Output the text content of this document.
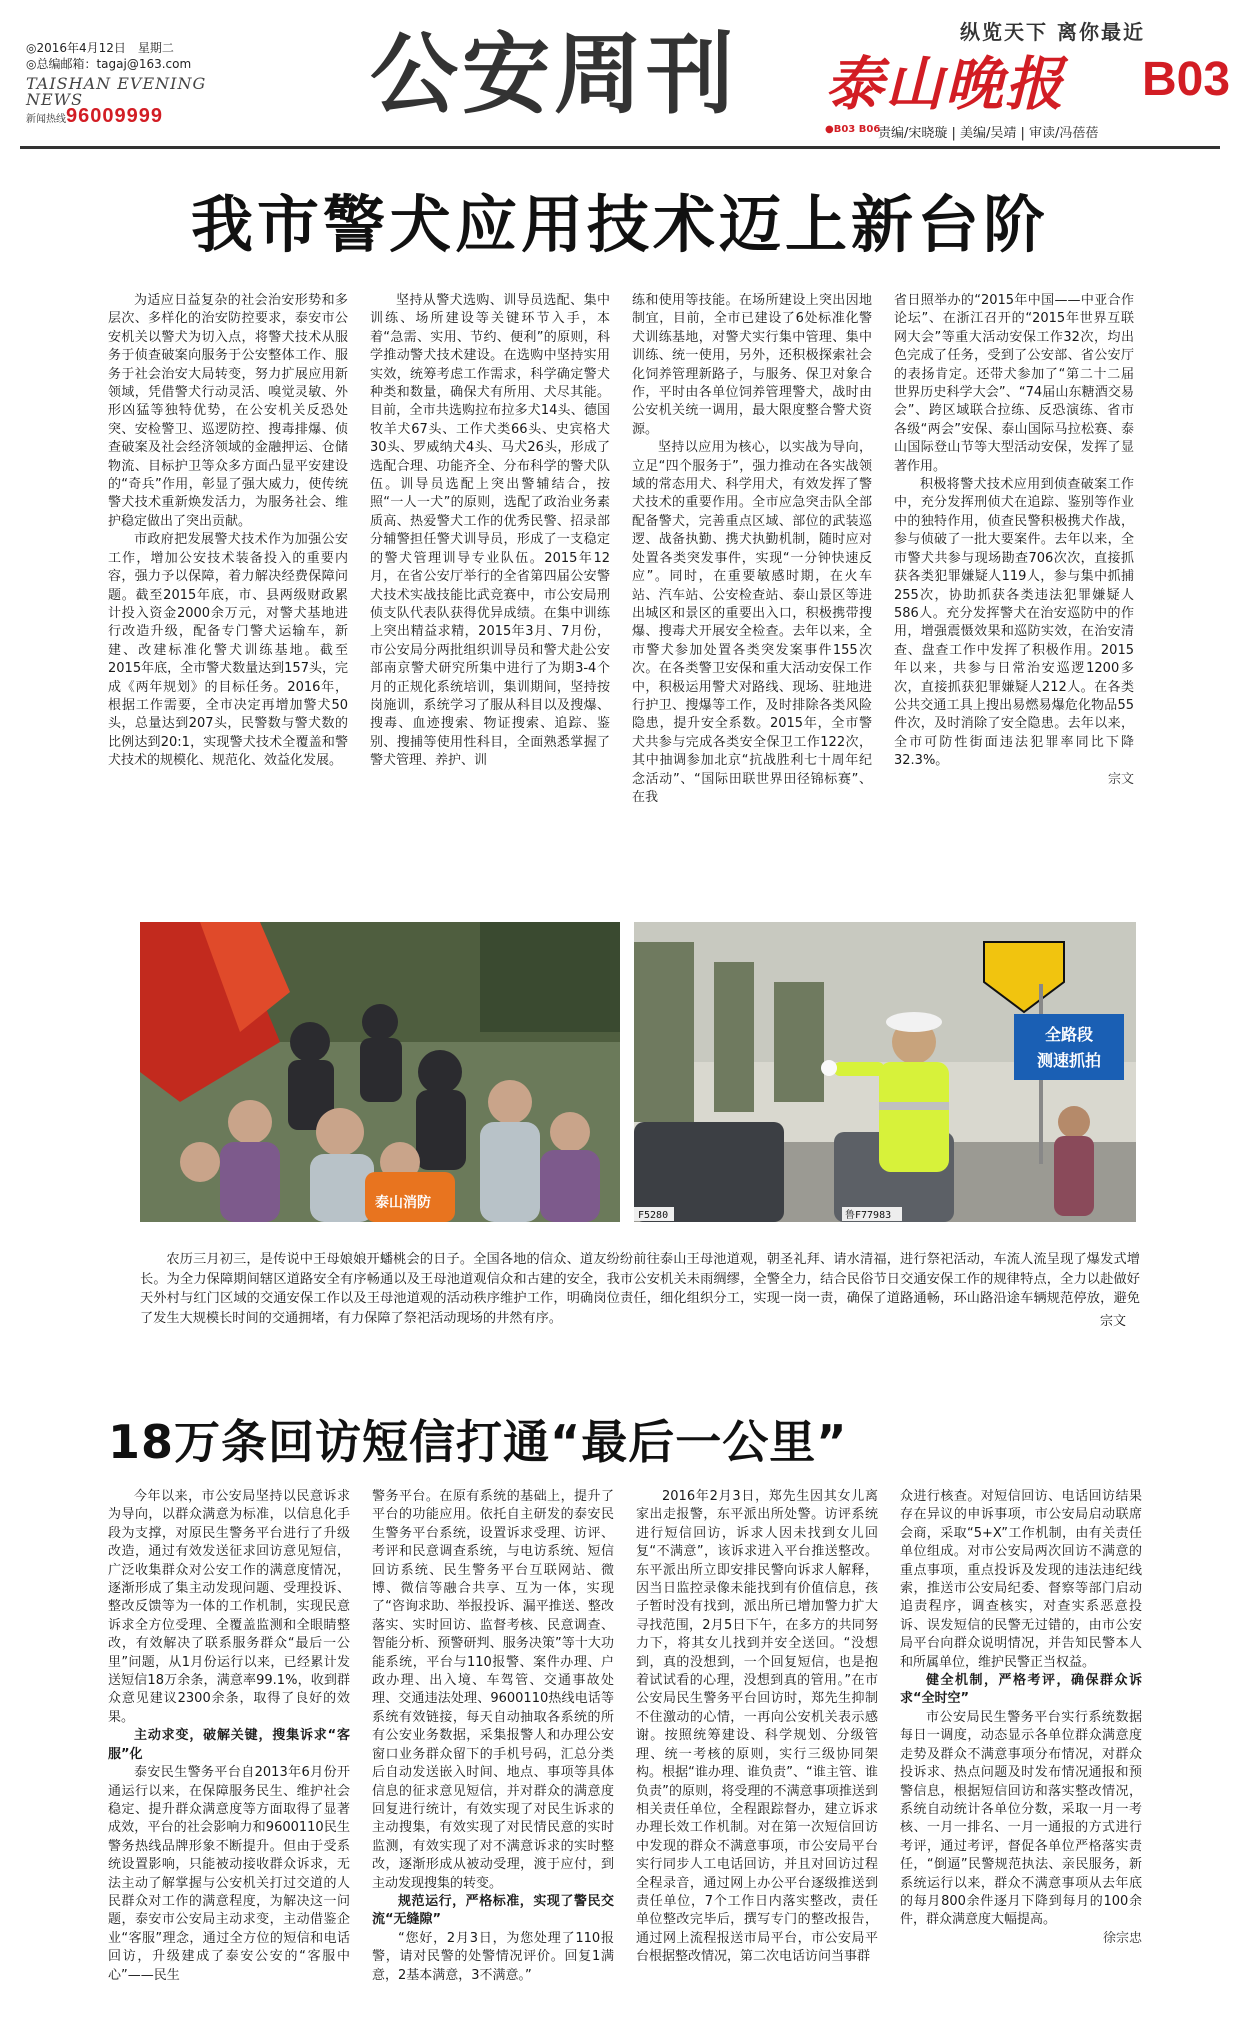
纵览天下 离你最近
◎2016年4月12日　星期二
◎总编邮箱：tagaj@163.com
TAISHAN EVENING NEWS
新闻热线96009999	公安周刊 泰山晚报 B03
●B03 B06
责编/宋晓璇 | 美编/吴靖 | 审读/冯蓓蓓
我市警犬应用技术迈上新台阶

为适应日益复杂的社会治安形势和多层次、多样化的治安防控要求，泰安市公安机关以警犬为切入点，将警犬技术从服务于侦查破案向服务于公安整体工作、服务于社会治安大局转变，努力扩展应用新领域，凭借警犬行动灵活、嗅觉灵敏、外形凶猛等独特优势，在公安机关反恐处突、安检警卫、巡逻防控、搜毒排爆、侦查破案及社会经济领域的金融押运、仓储物流、目标护卫等众多方面凸显平安建设的“奇兵”作用，彰显了强大威力，使传统警犬技术重新焕发活力，为服务社会、维护稳定做出了突出贡献。

市政府把发展警犬技术作为加强公安工作，增加公安技术装备投入的重要内容，强力予以保障，着力解决经费保障问题。截至2015年底，市、县两级财政累计投入资金2000余万元，对警犬基地进行改造升级，配备专门警犬运输车，新建、改建标准化警犬训练基地。截至2015年底，全市警犬数量达到157头，完成《两年规划》的目标任务。2016年，根据工作需要，全市决定再增加警犬50头，总量达到207头，民警数与警犬数的比例达到20:1，实现警犬技术全覆盖和警犬技术的规模化、规范化、效益化发展。

坚持从警犬选购、训导员选配、集中训练、场所建设等关键环节入手，本着“急需、实用、节约、便利”的原则，科学推动警犬技术建设。在选购中坚持实用实效，统筹考虑工作需求，科学确定警犬种类和数量，确保犬有所用、犬尽其能。目前，全市共选购拉布拉多犬14头、德国牧羊犬67头、工作犬类66头、史宾格犬30头、罗威纳犬4头、马犬26头，形成了选配合理、功能齐全、分布科学的警犬队伍。训导员选配上突出警辅结合，按照“一人一犬”的原则，选配了政治业务素质高、热爱警犬工作的优秀民警、招录部分辅警担任警犬训导员，形成了一支稳定的警犬管理训导专业队伍。2015年12月，在省公安厅举行的全省第四届公安警犬技术实战技能比武竞赛中，市公安局刑侦支队代表队获得优异成绩。在集中训练上突出精益求精，2015年3月、7月份，市公安局分两批组织训导员和警犬赴公安部南京警犬研究所集中进行了为期3-4个月的正规化系统培训，集训期间，坚持按岗施训，系统学习了服从科目以及搜爆、搜毒、血迹搜索、物证搜索、追踪、鉴别、搜捕等使用性科目，全面熟悉掌握了警犬管理、养护、训

练和使用等技能。在场所建设上突出因地制宜，目前，全市已建设了6处标准化警犬训练基地，对警犬实行集中管理、集中训练、统一使用，另外，还积极探索社会化饲养管理新路子，与服务、保卫对象合作，平时由各单位饲养管理警犬，战时由公安机关统一调用，最大限度整合警犬资源。

坚持以应用为核心，以实战为导向，立足“四个服务于”，强力推动在各实战领域的常态用犬、科学用犬，有效发挥了警犬技术的重要作用。全市应急突击队全部配备警犬，完善重点区域、部位的武装巡逻、战备执勤、携犬执勤机制，随时应对处置各类突发事件，实现“一分钟快速反应”。同时，在重要敏感时期，在火车站、汽车站、公安检查站、泰山景区等进出城区和景区的重要出入口，积极携带搜爆、搜毒犬开展安全检查。去年以来，全市警犬参加处置各类突发案事件155次次。在各类警卫安保和重大活动安保工作中，积极运用警犬对路线、现场、驻地进行护卫、搜爆等工作，及时排除各类风险隐患，提升安全系数。2015年，全市警犬共参与完成各类安全保卫工作122次，其中抽调参加北京“抗战胜利七十周年纪念活动”、“国际田联世界田径锦标赛”、在我

省日照举办的“2015年中国——中亚合作论坛”、在浙江召开的“2015年世界互联网大会”等重大活动安保工作32次，均出色完成了任务，受到了公安部、省公安厅的表扬肯定。还带犬参加了“第二十二届世界历史科学大会”、“74届山东糖酒交易会”、跨区域联合拉练、反恐演练、省市各级“两会”安保、泰山国际马拉松赛、泰山国际登山节等大型活动安保，发挥了显著作用。

积极将警犬技术应用到侦查破案工作中，充分发挥刑侦犬在追踪、鉴别等作业中的独特作用，侦查民警积极携犬作战，参与侦破了一批大要案件。去年以来，全市警犬共参与现场勘查706次次，直接抓获各类犯罪嫌疑人119人，参与集中抓捕255次，协助抓获各类违法犯罪嫌疑人586人。充分发挥警犬在治安巡防中的作用，增强震慑效果和巡防实效，在治安清查、盘查工作中发挥了积极作用。2015年以来，共参与日常治安巡逻1200多次，直接抓获犯罪嫌疑人212人。在各类公共交通工具上搜出易燃易爆危化物品55件次，及时消除了安全隐患。去年以来，全市可防性街面违法犯罪率同比下降32.3%。

宗文
泰山消防
全路段
测速抓拍
F5280	鲁F77983
农历三月初三，是传说中王母娘娘开蟠桃会的日子。全国各地的信众、道友纷纷前往泰山王母池道观，朝圣礼拜、请水清福，进行祭祀活动，车流人流呈现了爆发式增长。为全力保障期间辖区道路安全有序畅通以及王母池道观信众和古建的安全，我市公安机关未雨绸缪，全警全力，结合民俗节日交通安保工作的规律特点，全力以赴做好天外村与红门区域的交通安保工作以及王母池道观的活动秩序维护工作，明确岗位责任，细化组织分工，实现一岗一责，确保了道路通畅，环山路沿途车辆规范停放，避免了发生大规模长时间的交通拥堵，有力保障了祭祀活动现场的井然有序。	宗文
18万条回访短信打通“最后一公里”

今年以来，市公安局坚持以民意诉求为导向，以群众满意为标准，以信息化手段为支撑，对原民生警务平台进行了升级改造，通过有效发送征求回访意见短信，广泛收集群众对公安工作的满意度情况，逐渐形成了集主动发现问题、受理投诉、整改反馈等为一体的工作机制，实现民意诉求全方位受理、全覆盖监测和全眼睛整改，有效解决了联系服务群众“最后一公里”问题，从1月份运行以来，已经累计发送短信18万余条，满意率99.1%，收到群众意见建议2300余条，取得了良好的效果。

主动求变，破解关键，搜集诉求“客服”化

泰安民生警务平台自2013年6月份开通运行以来，在保障服务民生、维护社会稳定、提升群众满意度等方面取得了显著成效，平台的社会影响力和9600110民生警务热线品牌形象不断提升。但由于受系统设置影响，只能被动接收群众诉求，无法主动了解掌握与公安机关打过交道的人民群众对工作的满意程度，为解决这一问题，泰安市公安局主动求变，主动借鉴企业“客服”理念，通过全方位的短信和电话回访，升级建成了泰安公安的“客服中心”——民生

警务平台。在原有系统的基础上，提升了平台的功能应用。依托自主研发的泰安民生警务平台系统，设置诉求受理、访评、考评和民意调查系统，与电访系统、短信回访系统、民生警务平台互联网站、微博、微信等融合共享、互为一体，实现了“咨询求助、举报投诉、漏平推送、整改落实、实时回访、监督考核、民意调查、智能分析、预警研判、服务决策”等十大功能系统，平台与110报警、案件办理、户政办理、出入境、车驾管、交通事故处理、交通违法处理、9600110热线电话等系统有效链接，每天自动抽取各系统的所有公安业务数据，采集报警人和办理公安窗口业务群众留下的手机号码，汇总分类后自动发送嵌入时间、地点、事项等具体信息的征求意见短信，并对群众的满意度回复进行统计，有效实现了对民生诉求的主动搜集，有效实现了对民情民意的实时监测，有效实现了对不满意诉求的实时整改，逐渐形成从被动受理，渡于应付，到主动发现搜集的转变。

规范运行，严格标准，实现了警民交流“无缝隙”

“您好，2月3日，为您处理了110报警，请对民警的处警情况评价。回复1满意，2基本满意，3不满意。”

2016年2月3日，郑先生因其女儿离家出走报警，东平派出所处警。访评系统进行短信回访，诉求人因未找到女儿回复“不满意”，该诉求进入平台推送整改。东平派出所立即安排民警向诉求人解释，因当日监控录像未能找到有价值信息，孩子暂时没有找到，派出所已增加警力扩大寻找范围，2月5日下午，在多方的共同努力下，将其女儿找到并安全送回。“没想到，真的没想到，一个回复短信，也是抱着试试看的心理，没想到真的管用。”在市公安局民生警务平台回访时，郑先生抑制不住激动的心情，一再向公安机关表示感谢。按照统筹建设、科学规划、分级管理、统一考核的原则，实行三级协同架构。根据“谁办理、谁负责”、“谁主管、谁负责”的原则，将受理的不满意事项推送到相关责任单位，全程跟踪督办，建立诉求办理长效工作机制。对在第一次短信回访中发现的群众不满意事项，市公安局平台实行同步人工电话回访，并且对回访过程全程录音，通过网上办公平台逐级推送到责任单位，7个工作日内落实整改，责任单位整改完毕后，撰写专门的整改报告，通过网上流程报送市局平台，市公安局平台根据整改情况，第二次电话访问当事群

众进行核查。对短信回访、电话回访结果存在异议的申诉事项，市公安局启动联席会商，采取“5+X”工作机制，由有关责任单位组成。对市公安局两次回访不满意的重点事项，重点投诉及发现的违法违纪线索，推送市公安局纪委、督察等部门启动追责程序，调查核实，对查实系恶意投诉、误发短信的民警无过错的，由市公安局平台向群众说明情况，并告知民警本人和所属单位，维护民警正当权益。

健全机制，严格考评，确保群众诉求“全时空”

市公安局民生警务平台实行系统数据每日一调度，动态显示各单位群众满意度走势及群众不满意事项分布情况，对群众投诉求、热点问题及时发布情况通报和预警信息，根据短信回访和落实整改情况，系统自动统计各单位分数，采取一月一考核、一月一排名、一月一通报的方式进行考评，通过考评，督促各单位严格落实责任，“倒逼”民警规范执法、亲民服务，新系统运行以来，群众不满意事项从去年底的每月800余件逐月下降到每月的100余件，群众满意度大幅提高。

徐宗忠
